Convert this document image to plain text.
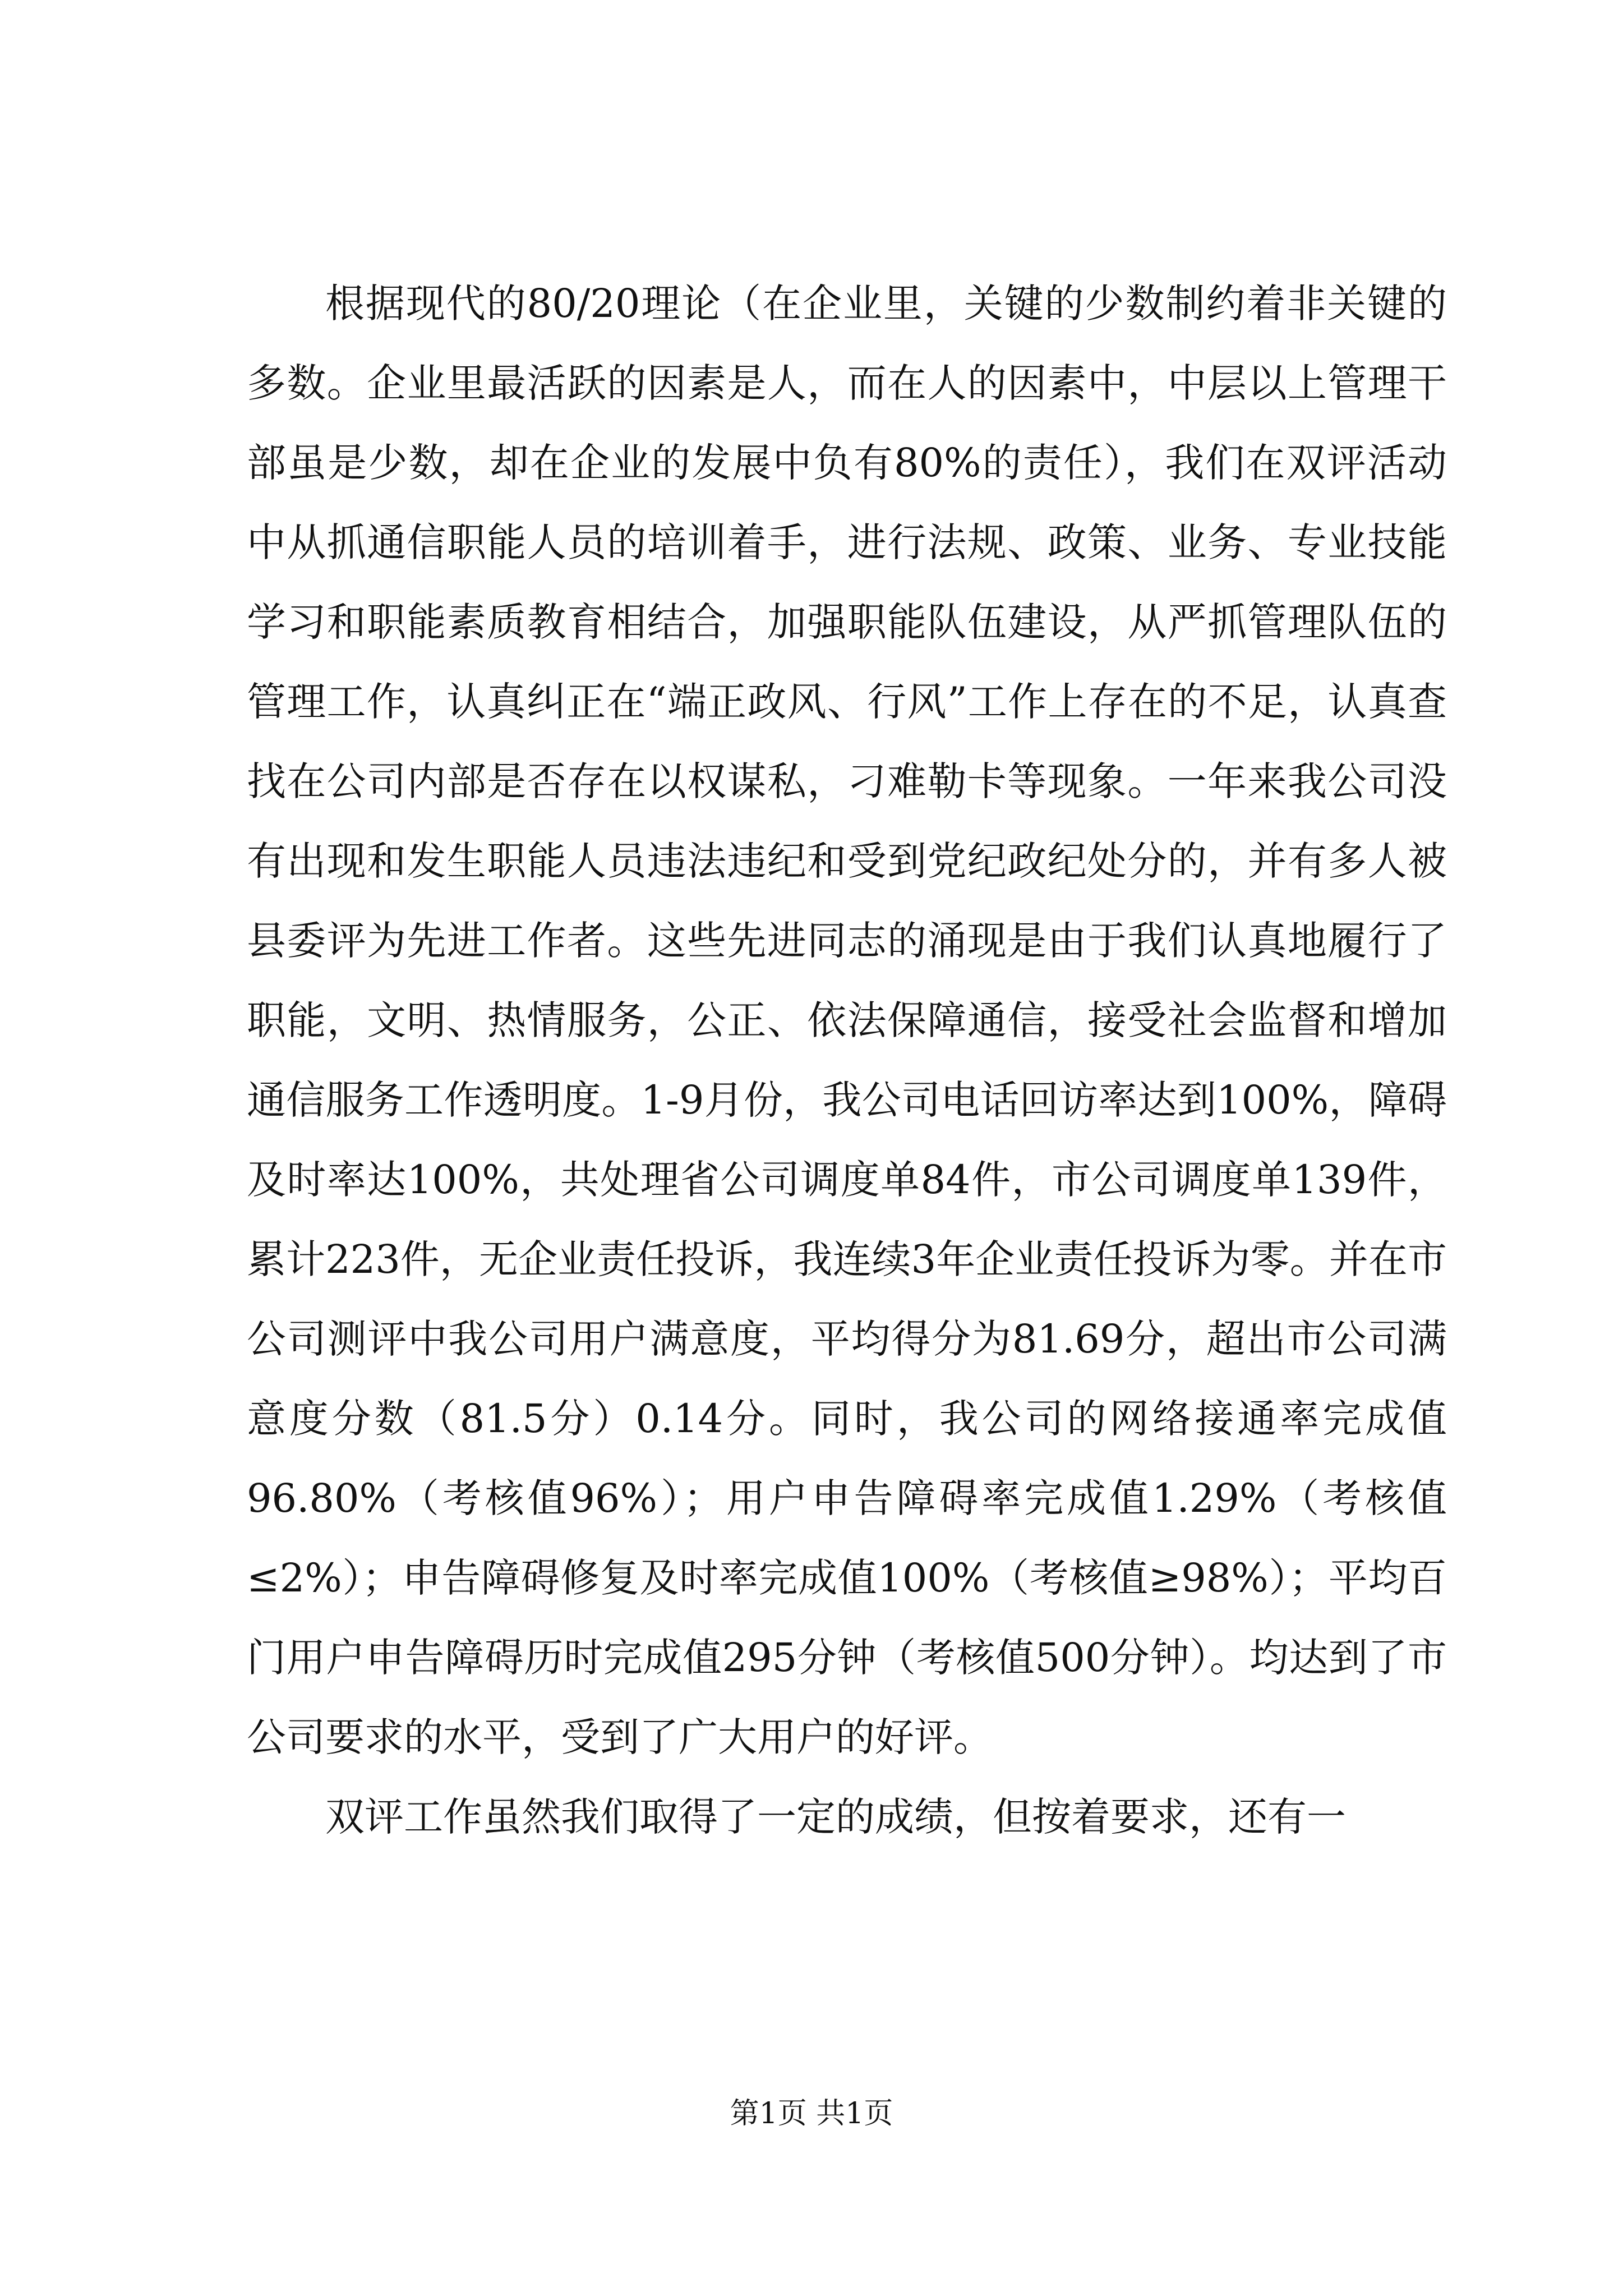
根据现代的80/20理论（在企业里，关键的少数制约着非关键的多数。企业里最活跃的因素是人，而在人的因素中，中层以上管理干部虽是少数，却在企业的发展中负有80%的责任），我们在双评活动中从抓通信职能人员的培训着手，进行法规、政策、业务、专业技能学习和职能素质教育相结合，加强职能队伍建设，从严抓管理队伍的管理工作，认真纠正在“端正政风、行风”工作上存在的不足，认真查找在公司内部是否存在以权谋私，刁难勒卡等现象。一年来我公司没有出现和发生职能人员违法违纪和受到党纪政纪处分的，并有多人被县委评为先进工作者。这些先进同志的涌现是由于我们认真地履行了职能，文明、热情服务，公正、依法保障通信，接受社会监督和增加通信服务工作透明度。1-9月份，我公司电话回访率达到100%，障碍及时率达100%，共处理省公司调度单84件，市公司调度单139件，累计223件，无企业责任投诉，我连续3年企业责任投诉为零。并在市公司测评中我公司用户满意度，平均得分为81.69分，超出市公司满意度分数（81.5分）0.14分。同时，我公司的网络接通率完成值96.80%（考核值96%）；用户申告障碍率完成值1.29%（考核值≤2%）；申告障碍修复及时率完成值100%（考核值≥98%）；平均百门用户申告障碍历时完成值295分钟（考核值500分钟）。均达到了市公司要求的水平，受到了广大用户的好评。

双评工作虽然我们取得了一定的成绩，但按着要求，还有一

第1页 共1页
